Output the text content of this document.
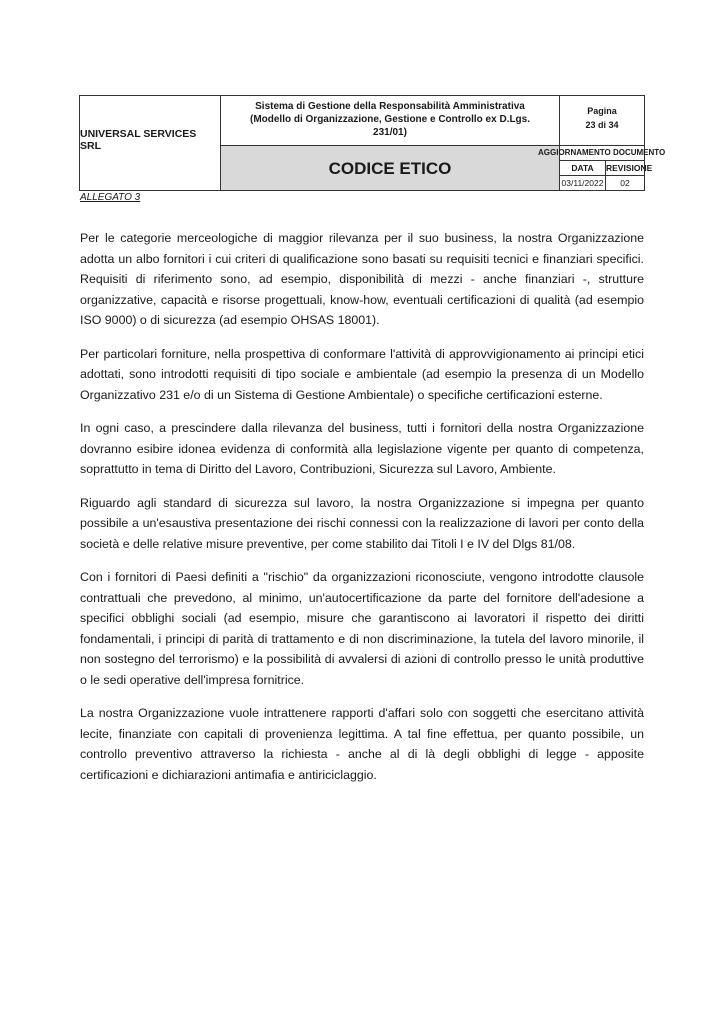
UNIVERSAL SERVICES SRL
Sistema di Gestione della Responsabilità Amministrativa
(Modello di Organizzazione, Gestione e Controllo ex D.Lgs.
231/01)
Pagina
23 di 34
CODICE ETICO
AGGIORNAMENTO DOCUMENTO
DATA	REVISIONE
03/11/2022	02
ALLEGATO 3

Per le categorie merceologiche di maggior rilevanza per il suo business, la nostra Organizzazione adotta un albo fornitori i cui criteri di qualificazione sono basati su requisiti tecnici e finanziari specifici. Requisiti di riferimento sono, ad esempio, disponibilità di mezzi - anche finanziari -, strutture organizzative, capacità e risorse progettuali, know-how, eventuali certificazioni di qualità (ad esempio ISO 9000) o di sicurezza (ad esempio OHSAS 18001).

Per particolari forniture, nella prospettiva di conformare l'attività di approvvigionamento ai principi etici adottati, sono introdotti requisiti di tipo sociale e ambientale (ad esempio la presenza di un Modello Organizzativo 231 e/o di un Sistema di Gestione Ambientale) o specifiche certificazioni esterne.

In ogni caso, a prescindere dalla rilevanza del business, tutti i fornitori della nostra Organizzazione dovranno esibire idonea evidenza di conformità alla legislazione vigente per quanto di competenza, soprattutto in tema di Diritto del Lavoro, Contribuzioni, Sicurezza sul Lavoro, Ambiente.

Riguardo agli standard di sicurezza sul lavoro, la nostra Organizzazione si impegna per quanto possibile a un'esaustiva presentazione dei rischi connessi con la realizzazione di lavori per conto della società e delle relative misure preventive, per come stabilito dai Titoli I e IV del Dlgs 81/08.

Con i fornitori di Paesi definiti a "rischio" da organizzazioni riconosciute, vengono introdotte clausole contrattuali che prevedono, al minimo, un'autocertificazione da parte del fornitore dell'adesione a specifici obblighi sociali (ad esempio, misure che garantiscono ai lavoratori il rispetto dei diritti fondamentali, i principi di parità di trattamento e di non discriminazione, la tutela del lavoro minorile, il non sostegno del terrorismo) e la possibilità di avvalersi di azioni di controllo presso le unità produttive o le sedi operative dell'impresa fornitrice.

La nostra Organizzazione vuole intrattenere rapporti d'affari solo con soggetti che esercitano attività lecite, finanziate con capitali di provenienza legittima. A tal fine effettua, per quanto possibile, un controllo preventivo attraverso la richiesta - anche al di là degli obblighi di legge - apposite certificazioni e dichiarazioni antimafia e antiriciclaggio.
